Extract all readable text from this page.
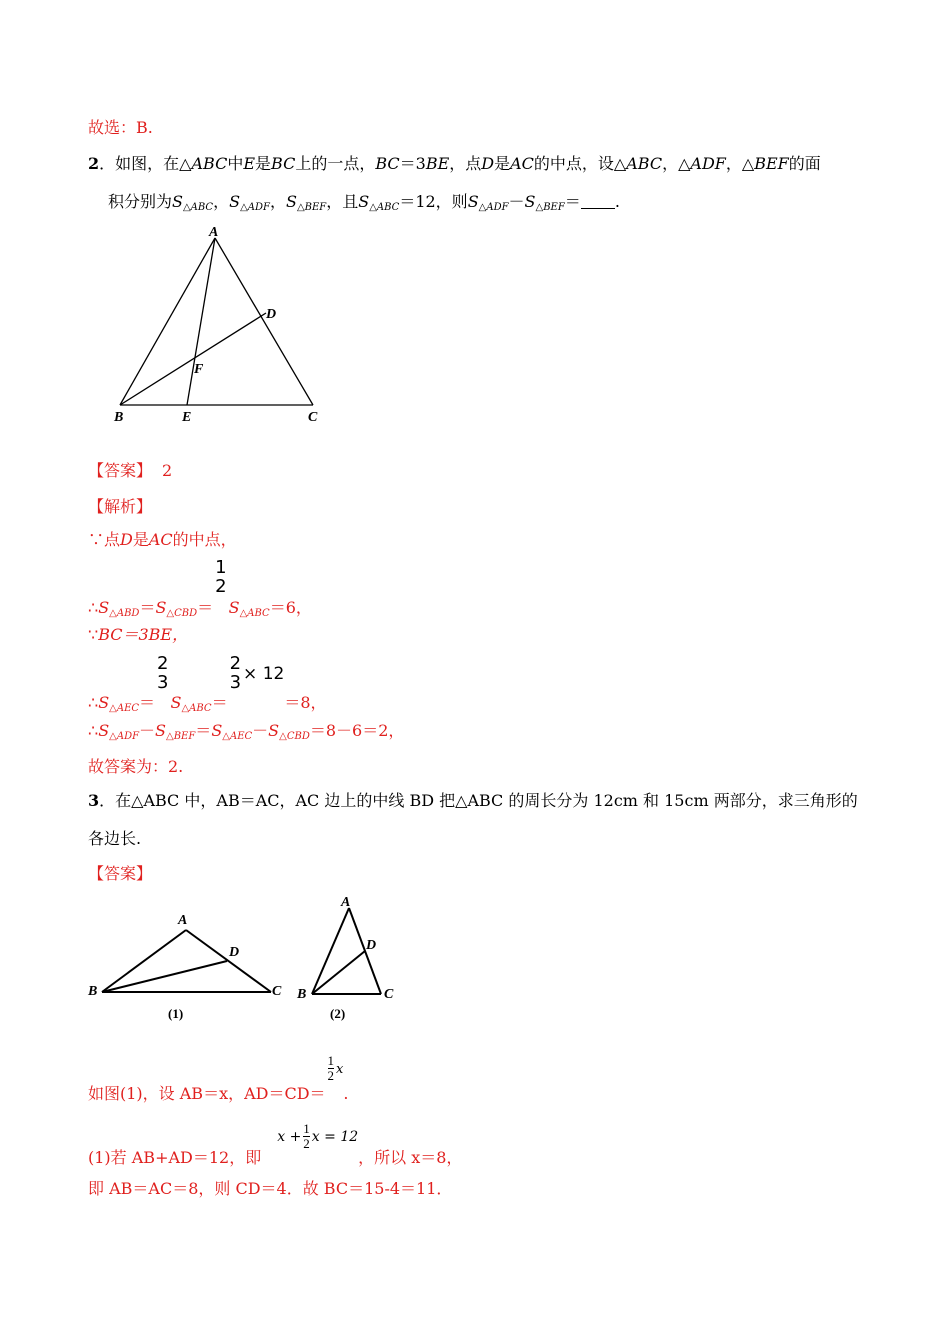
故选：B.
2．如图，在△ABC中E是BC上的一点，BC＝3BE，点D是AC的中点，设△ABC，△ADF，△BEF的面
积分别为$S_{\triangle ABC}$，$S_{\triangle ADF}$，$S_{\triangle BEF}$，且$S_{\triangle ABC}=12$，则$S_{\triangle ADF}-S_{\triangle BEF}=$ .
A
D
F
B	E	C
【答案】 2
【解析】
∵点D是AC的中点，
$\therefore S_{\triangle ABD}=S_{\triangle CBD}=$
1
2
$S_{\triangle ABC}=6$，
∵BC＝3BE，
$\therefore S_{\triangle AEC}=$
2
3
$S_{\triangle ABC}=$
2
3 × 12＝8，
$\therefore S_{\triangle ADF}-S_{\triangle BEF}=S_{\triangle AEC}-S_{\triangle CBD}=8-6=2$，
故答案为：2.
3．在△ABC 中，AB＝AC，AC 边上的中线 BD 把△ABC 的周长分为 12cm 和 15cm 两部分，求三角形的
各边长.
【答案】
A
D
B	C
A
D
B	C
(1)	(2)
如图(1)，设 AB＝x，AD＝CD＝
$\frac{1}{2} x$.
(1)若 AB+AD＝12，即$x + \frac{1}{2}$ x = 12，所以 x＝8，
即 AB＝AC＝8，则 CD＝4．故 BC＝15-4＝11．
